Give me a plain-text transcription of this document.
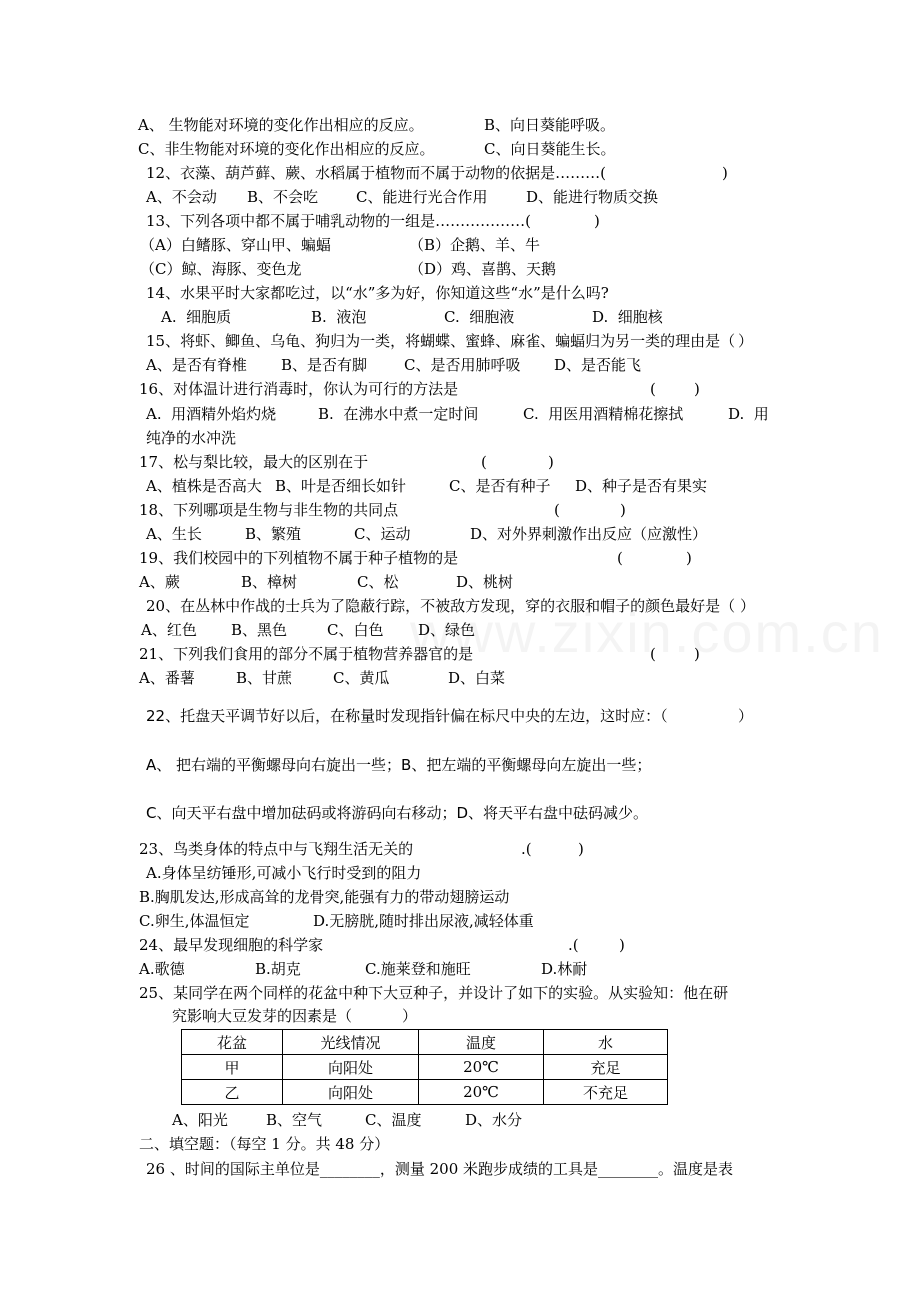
A、 生物能对环境的变化作出相应的反应。

	B、向日葵能呼吸。

C、非生物能对环境的变化作出相应的反应。

	C、向日葵能生长。

12、衣藻、葫芦藓、蕨、水稻属于植物而不属于动物的依据是………(

	)

A、不会动

B、不会吃

	C、能进行光合作用

	D、能进行物质交换

13、下列各项中都不属于哺乳动物的一组是………………(

	)

（A）白鳍豚、穿山甲、蝙蝠

	（B）企鹅、羊、牛

（C）鲸、海豚、变色龙

	（D）鸡、喜鹊、天鹅

14、水果平时大家都吃过，以“水”多为好，你知道这些“水”是什么吗?

A.  细胞质

	B.  液泡

	C.  细胞液

	D.  细胞核

15、将虾、鲫鱼、乌龟、狗归为一类，将蝴蝶、蜜蜂、麻雀、蝙蝠归为另一类的理由是（

）

A、是否有脊椎

B、是否有脚

C、是否用肺呼吸

D、是否能飞

16、对体温计进行消毒时，你认为可行的方法是

	(

	)

A.  用酒精外焰灼烧

	B.  在沸水中煮一定时间

	C.  用医用酒精棉花擦拭

	D.  用

纯净的水冲洗

17、松与梨比较，最大的区别在于

	(

	)

A、植株是否高大

B、叶是否细长如针

	C、是否有种子

D、种子是否有果实

18、下列哪项是生物与非生物的共同点

	(

	)

A、生长

	B、繁殖

	C、运动

	D、对外界刺激作出反应（应激性）

19、我们校园中的下列植物不属于种子植物的是

	(

	)

A、蕨

	B、樟树

	C、松

	D、桃树

20、在丛林中作战的士兵为了隐蔽行踪，不被敌方发现，穿的衣服和帽子的颜色最好是（

）

A、红色

B、黑色

	C、白色

D、绿色

21、下列我们食用的部分不属于植物营养器官的是

	(

	)

A、番薯

	B、甘蔗

	C、黄瓜

	D、白菜

22、托盘天平调节好以后，在称量时发现指针偏在标尺中央的左边，这时应：（

	）

A、 把右端的平衡螺母向右旋出一些；B、把左端的平衡螺母向左旋出一些；

C、向天平右盘中增加砝码或将游码向右移动；D、将天平右盘中砝码减少。

23、鸟类身体的特点中与飞翔生活无关的

	.(

	)

A.身体呈纺锤形,可减小飞行时受到的阻力

B.胸肌发达,形成高耸的龙骨突,能强有力的带动翅膀运动

C.卵生,体温恒定

	D.无膀胱,随时排出尿液,减轻体重

24、最早发现细胞的科学家

	.(

	)

A.歌德

	B.胡克

	C.施莱登和施旺

	D.林耐

25、某同学在两个同样的花盆中种下大豆种子，并设计了如下的实验。从实验知：他在研

究影响大豆发芽的因素是（

	）

花盆	光线情况	温度	水
甲	向阳处	20℃	充足
乙	向阳处	20℃	不充足

A、阳光

	B、空气

	C、温度

	D、水分

二、填空题：（每空 1 分。共 48 分）

26 、时间的国际主单位是________，测量 200 米跑步成绩的工具是________。温度是表
